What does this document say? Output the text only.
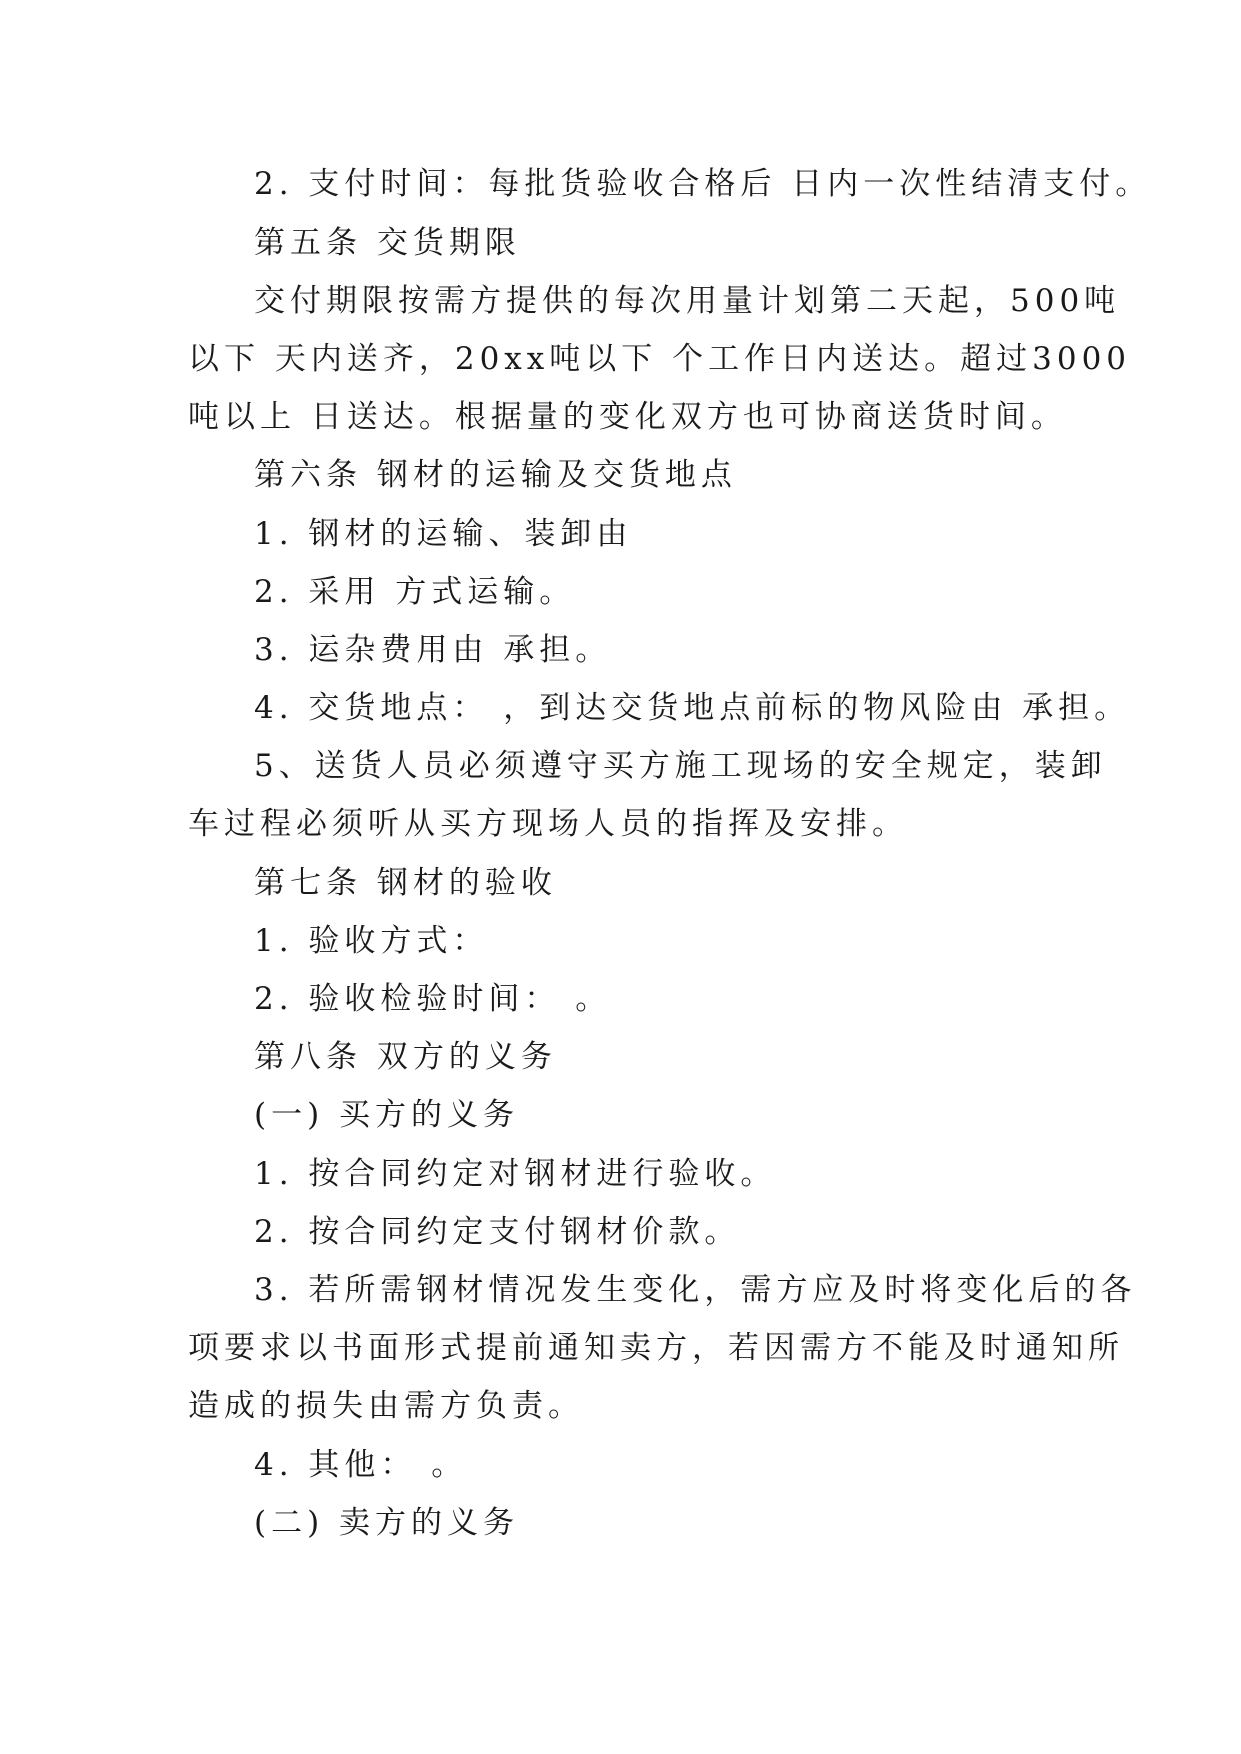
2. 支付时间：每批货验收合格后 日内一次性结清支付。
第五条 交货期限
交付期限按需方提供的每次用量计划第二天起，500吨
以下 天内送齐，20xx吨以下 个工作日内送达。超过3000
吨以上 日送达。根据量的变化双方也可协商送货时间。
第六条 钢材的运输及交货地点
1. 钢材的运输、装卸由
2. 采用 方式运输。
3. 运杂费用由 承担。
4. 交货地点： ，到达交货地点前标的物风险由 承担。
5、送货人员必须遵守买方施工现场的安全规定，装卸
车过程必须听从买方现场人员的指挥及安排。
第七条 钢材的验收
1. 验收方式：
2. 验收检验时间： 。
第八条 双方的义务
(一) 买方的义务
1. 按合同约定对钢材进行验收。
2. 按合同约定支付钢材价款。
3. 若所需钢材情况发生变化，需方应及时将变化后的各
项要求以书面形式提前通知卖方，若因需方不能及时通知所
造成的损失由需方负责。
4. 其他： 。
(二) 卖方的义务
